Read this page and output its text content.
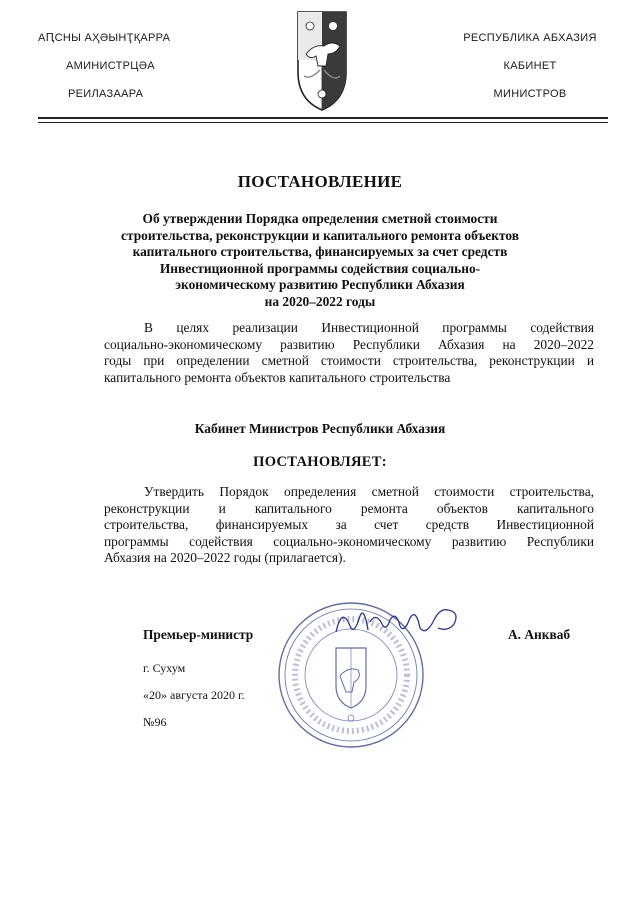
АԤСНЫ АҲӘЫНҬҚАРРА
АМИНИСТРЦӘА
РЕИЛАЗААРА
РЕСПУБЛИКА АБХАЗИЯ
КАБИНЕТ
МИНИСТРОВ
ПОСТАНОВЛЕНИЕ
Об утверждении Порядка определения сметной стоимости
строительства, реконструкции и капитального ремонта объектов
капитального строительства, финансируемых за счет средств
Инвестиционной программы содействия социально-
экономическому развитию Республики Абхазия
на 2020–2022 годы
В целях реализации Инвестиционной программы содействия
социально-экономическому развитию Республики Абхазия на 2020–2022
годы при определении сметной стоимости строительства, реконструкции и
капитального ремонта объектов капитального строительства
Кабинет Министров Республики Абхазия
ПОСТАНОВЛЯЕТ:
Утвердить Порядок определения сметной стоимости строительства,
реконструкции и капитального ремонта объектов капитального
строительства, финансируемых за счет средств Инвестиционной
программы содействия социально-экономическому развитию Республики
Абхазия на 2020–2022 годы (прилагается).
Премьер-министр	А. Анкваб
г. Сухум
«20» августа 2020 г.
№96
